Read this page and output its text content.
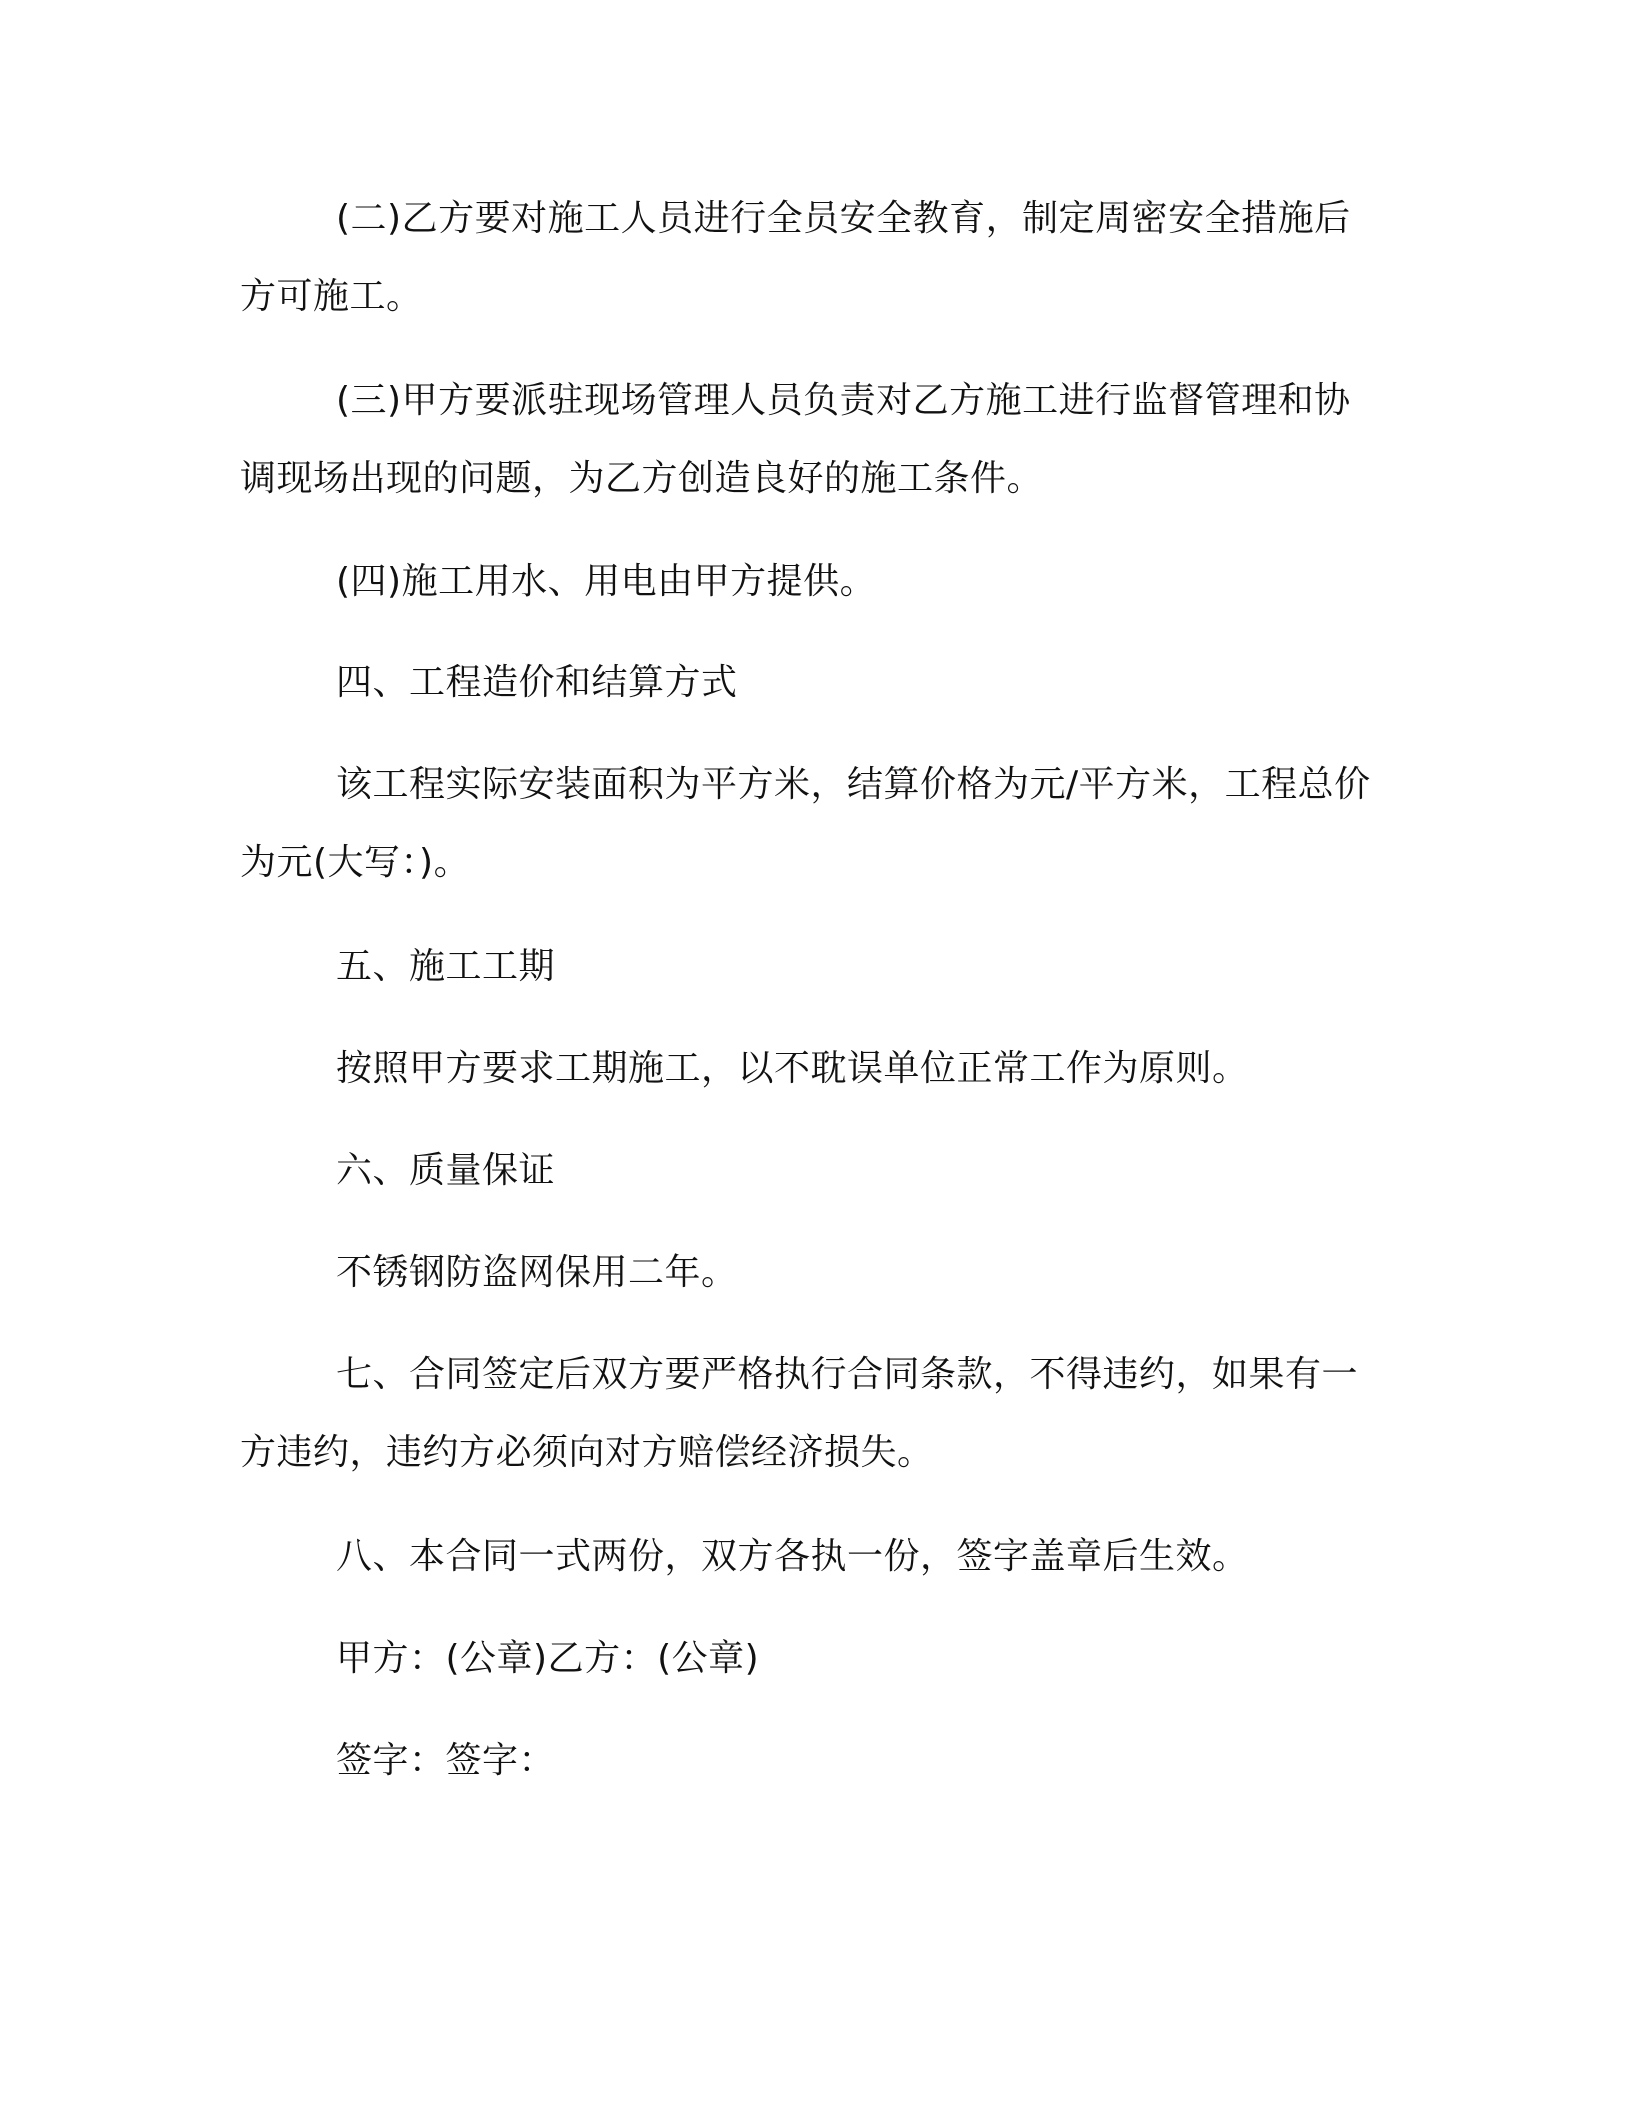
(二)乙方要对施工人员进行全员安全教育，制定周密安全措施后方可施工。

(三)甲方要派驻现场管理人员负责对乙方施工进行监督管理和协调现场出现的问题，为乙方创造良好的施工条件。

(四)施工用水、用电由甲方提供。

四、工程造价和结算方式

该工程实际安装面积为平方米，结算价格为元/平方米，工程总价为元(大写：)。

五、施工工期

按照甲方要求工期施工，以不耽误单位正常工作为原则。

六、质量保证

不锈钢防盗网保用二年。

七、合同签定后双方要严格执行合同条款，不得违约，如果有一方违约，违约方必须向对方赔偿经济损失。

八、本合同一式两份，双方各执一份，签字盖章后生效。

甲方：(公章)乙方：(公章)

签字：签字：
